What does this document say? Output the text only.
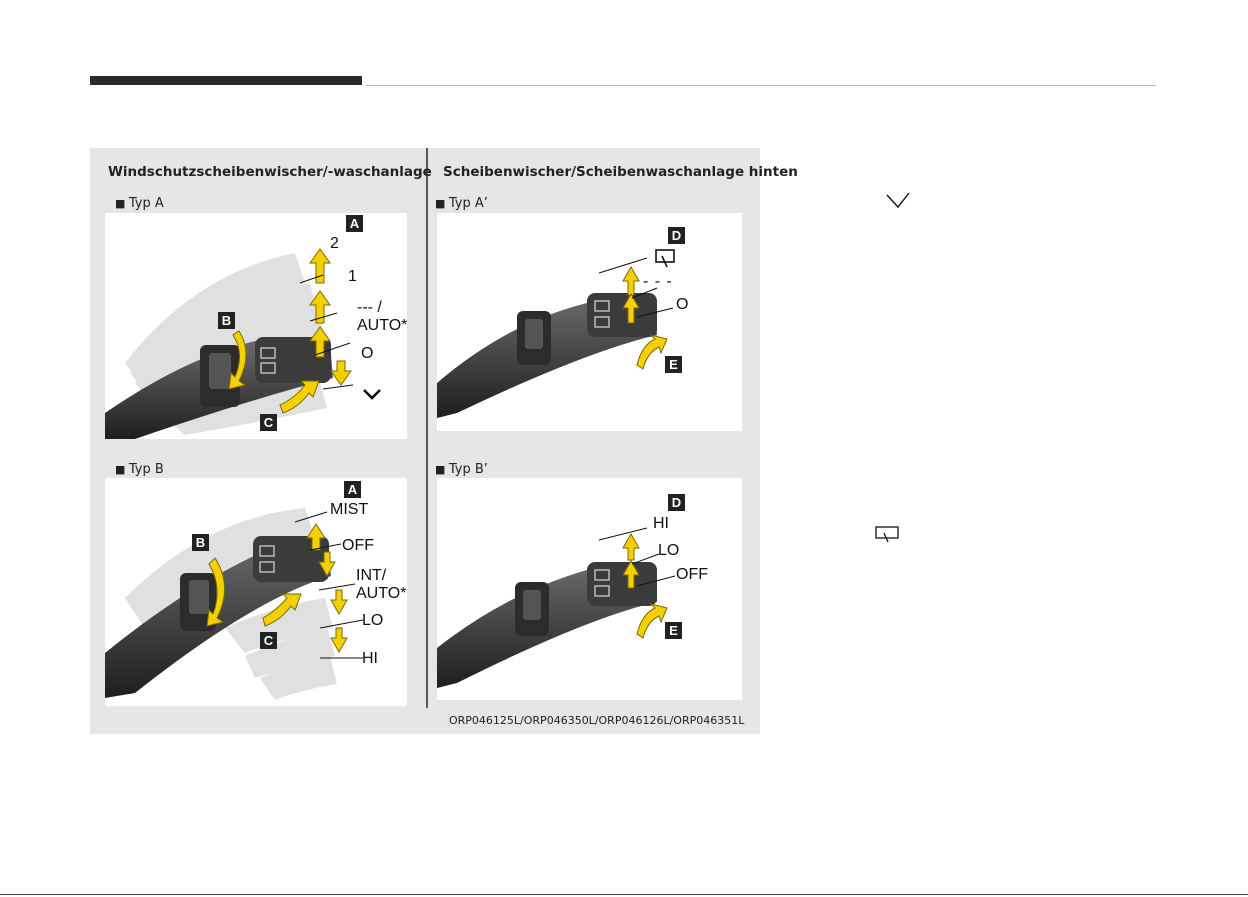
Windschutzscheibenwischer/-waschanlage Scheibenwischer/Scheibenwaschanlage hinten
■ Typ A	■ Typ A’
■ Typ B	■ Typ B’
A
B
C
2
1
--- /
AUTO*
O
D
E
- - -
O
A
B
C
MIST
OFF
INT/
AUTO*
LO
HI
D
E
HI
LO
OFF
ORP046125L/ORP046350L/ORP046126L/ORP046351L
